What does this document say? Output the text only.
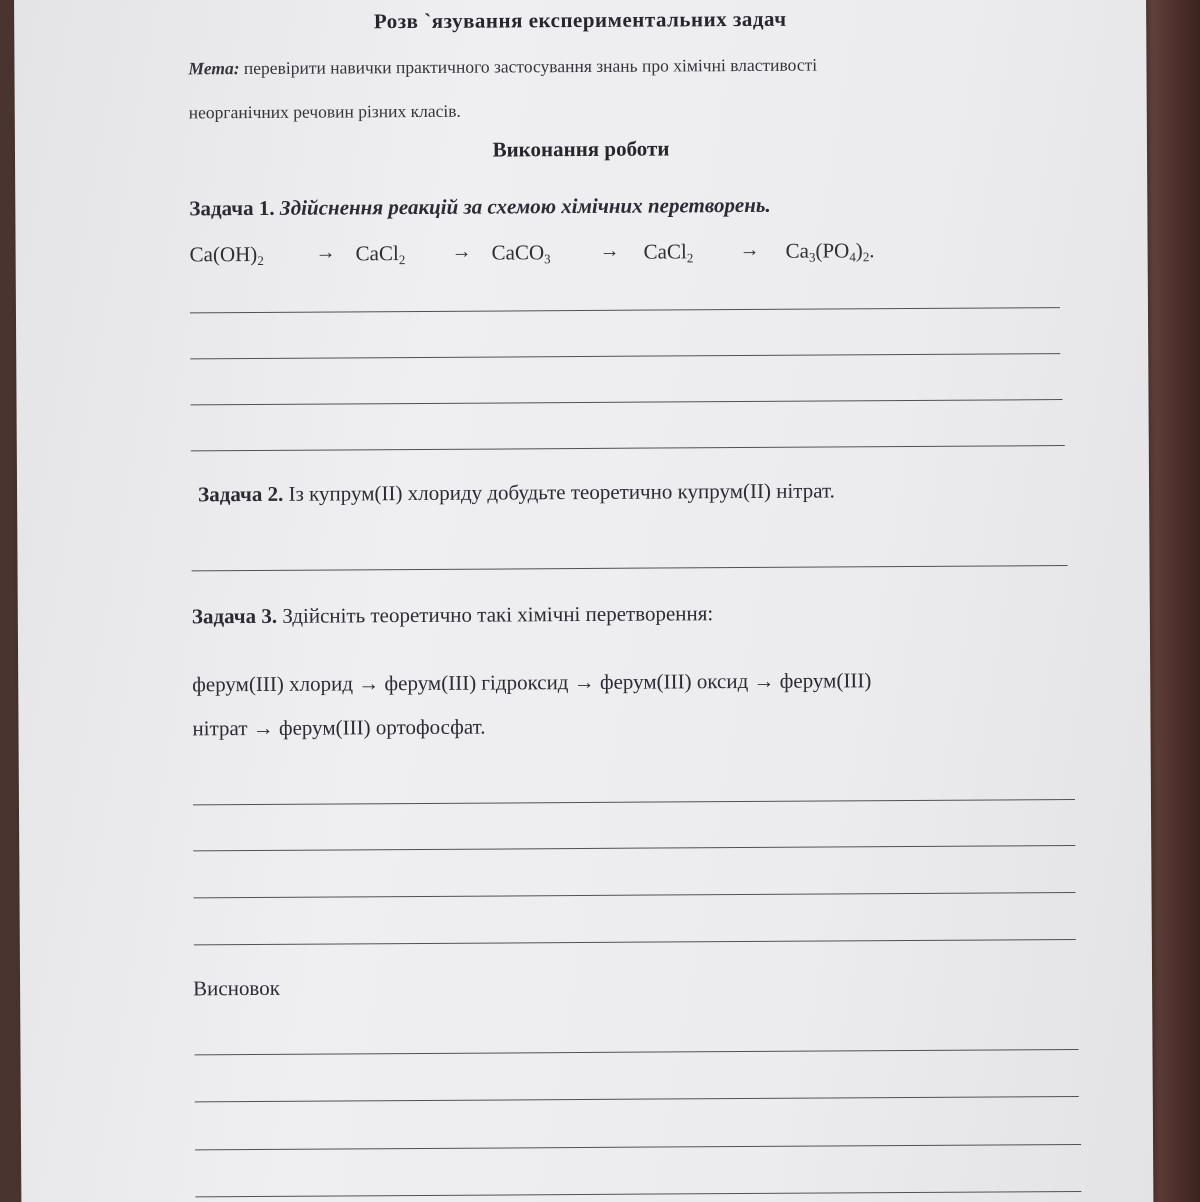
Розв `язування експериментальних задач
Мета: перевірити навички практичного застосування знань про хімічні властивості
неорганічних речовин різних класів.
Виконання роботи
Задача 1. Здійснення реакцій за схемою хімічних перетворень.
$Ca(OH)_2$	→ CaCl$_2$ → CaCO$_3$ → CaCl$_2$ → $Ca_3(PO_4)_2$.
Задача 2. Із купрум(II) хлориду добудьте теоретично купрум(II) нітрат.
Задача 3. Здійсніть теоретично такі хімічні перетворення:
ферум(III) хлорид → ферум(III) гідроксид → ферум(III) оксид → ферум(III)
нітрат → ферум(III) ортофосфат.
Висновок
